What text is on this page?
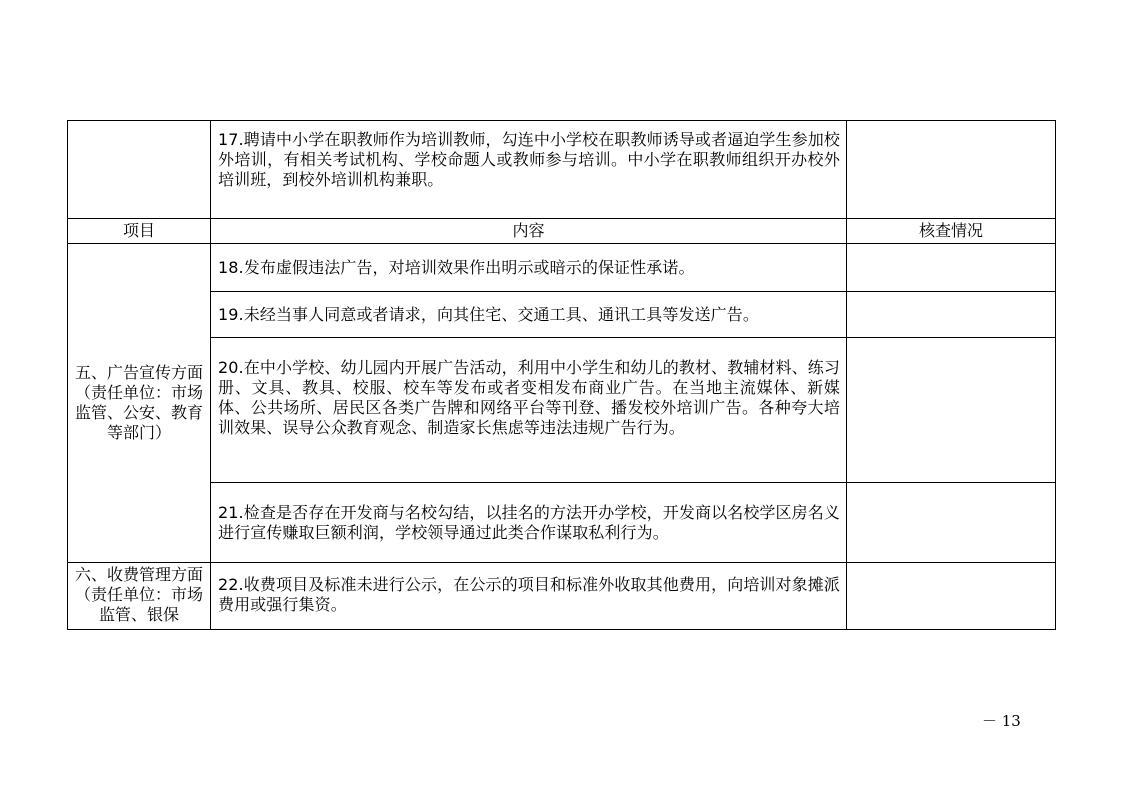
	17.聘请中小学在职教师作为培训教师，勾连中小学校在职教师诱导或者逼迫学生参加校外培训，有相关考试机构、学校命题人或教师参与培训。中小学在职教师组织开办校外培训班，到校外培训机构兼职。	

项目	内容	核查情况

五、广告宣传方面（责任单位：市场监管、公安、教育等部门）	18.发布虚假违法广告，对培训效果作出明示或暗示的保证性承诺。	

	19.未经当事人同意或者请求，向其住宅、交通工具、通讯工具等发送广告。	

	20.在中小学校、幼儿园内开展广告活动，利用中小学生和幼儿的教材、教辅材料、练习册、文具、教具、校服、校车等发布或者变相发布商业广告。在当地主流媒体、新媒体、公共场所、居民区各类广告牌和网络平台等刊登、播发校外培训广告。各种夸大培训效果、误导公众教育观念、制造家长焦虑等违法违规广告行为。	

	21.检查是否存在开发商与名校勾结，以挂名的方法开办学校，开发商以名校学区房名义进行宣传赚取巨额利润，学校领导通过此类合作谋取私利行为。	

六、收费管理方面（责任单位：市场监管、银保	22.收费项目及标准未进行公示，在公示的项目和标准外收取其他费用，向培训对象摊派费用或强行集资。	

－ 13
